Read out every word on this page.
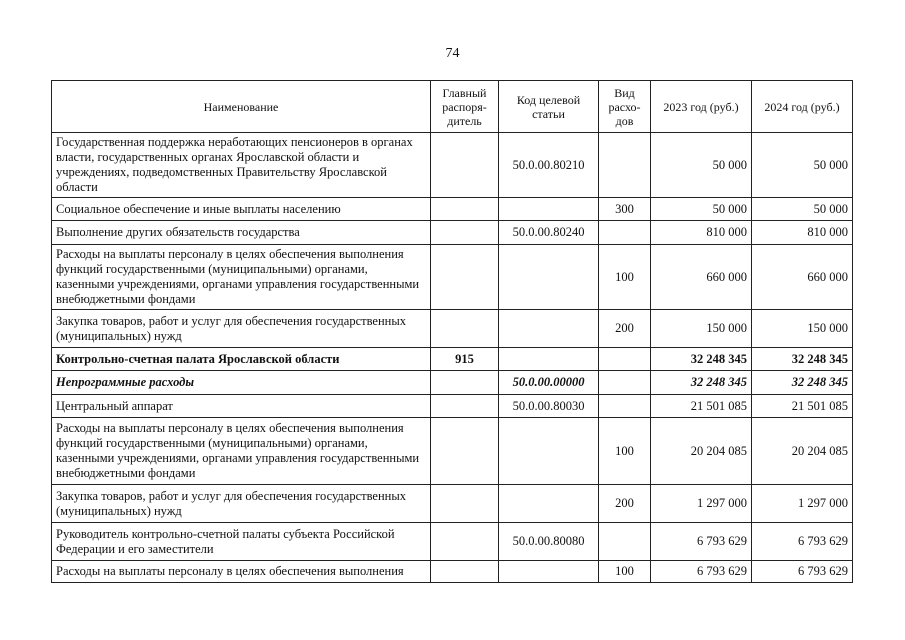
74
Наименование	Главный распоря-дитель	Код целевой статьи	Вид расхо-дов	2023 год (руб.)	2024 год (руб.)
Государственная поддержка неработающих пенсионеров в органах власти, государственных органах Ярославской области и учреждениях, подведомственных Правительству Ярославской области		50.0.00.80210		50 000	50 000
Социальное обеспечение и иные выплаты населению			300	50 000	50 000
Выполнение других обязательств государства		50.0.00.80240		810 000	810 000
Расходы на выплаты персоналу в целях обеспечения выполнения функций государственными (муниципальными) органами, казенными учреждениями, органами управления государственными внебюджетными фондами			100	660 000	660 000
Закупка товаров, работ и услуг для обеспечения государственных (муниципальных) нужд			200	150 000	150 000
Контрольно-счетная палата Ярославской области	915			32 248 345	32 248 345
Непрограммные расходы		50.0.00.00000		32 248 345	32 248 345
Центральный аппарат		50.0.00.80030		21 501 085	21 501 085
Расходы на выплаты персоналу в целях обеспечения выполнения функций государственными (муниципальными) органами, казенными учреждениями, органами управления государственными внебюджетными фондами			100	20 204 085	20 204 085
Закупка товаров, работ и услуг для обеспечения государственных (муниципальных) нужд			200	1 297 000	1 297 000
Руководитель контрольно-счетной палаты субъекта Российской Федерации и его заместители		50.0.00.80080		6 793 629	6 793 629
Расходы на выплаты персоналу в целях обеспечения выполнения			100	6 793 629	6 793 629
